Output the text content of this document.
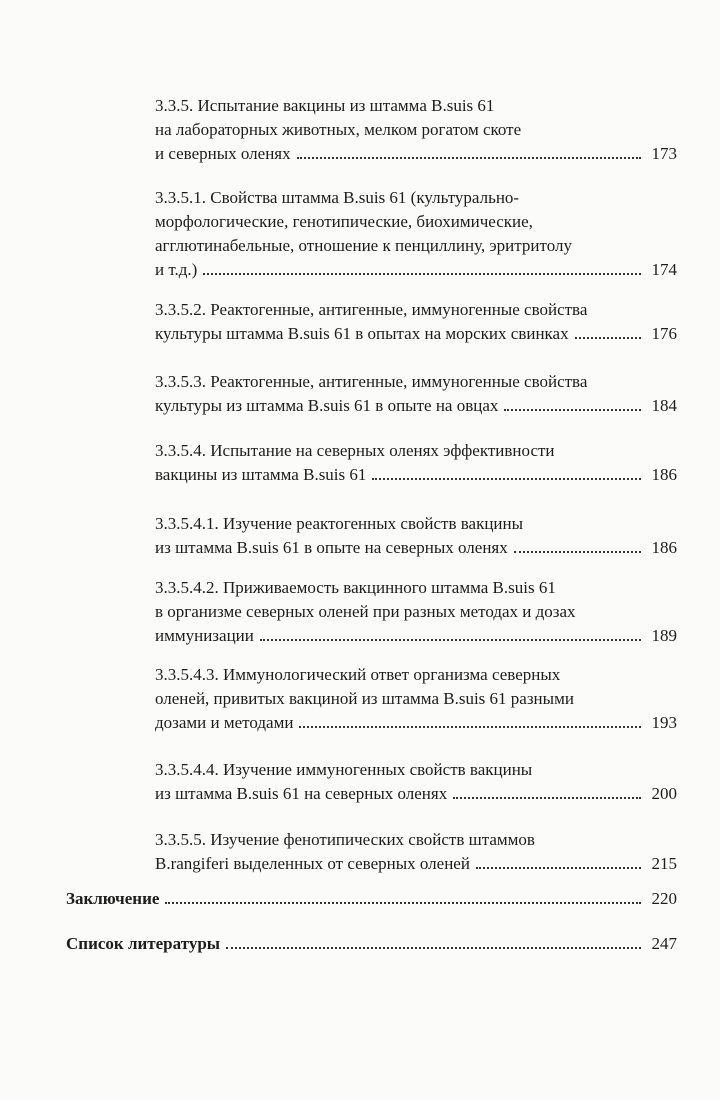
3.3.5. Испытание вакцины из штамма B.suis 61
на лабораторных животных, мелком рогатом скоте
и северных оленях	173
3.3.5.1. Свойства штамма B.suis 61 (культурально-
морфологические, генотипические, биохимические,
агглютинабельные, отношение к пенциллину, эритритолу
и т.д.)	174
3.3.5.2. Реактогенные, антигенные, иммуногенные свойства
культуры штамма B.suis 61 в опытах на морских свинках	176
3.3.5.3. Реактогенные, антигенные, иммуногенные свойства
культуры из штамма B.suis 61 в опыте на овцах	184
3.3.5.4. Испытание на северных оленях эффективности
вакцины из штамма B.suis 61	186
3.3.5.4.1. Изучение реактогенных свойств вакцины
из штамма B.suis 61 в опыте на северных оленях	186
3.3.5.4.2. Приживаемость вакцинного штамма B.suis 61
в организме северных оленей при разных методах и дозах
иммунизации	189
3.3.5.4.3. Иммунологический ответ организма северных
оленей, привитых вакциной из штамма B.suis 61 разными
дозами и методами	193
3.3.5.4.4. Изучение иммуногенных свойств вакцины
из штамма B.suis 61 на северных оленях	200
3.3.5.5. Изучение фенотипических свойств штаммов
B.rangiferi выделенных от северных оленей	215
Заключение	220
Список литературы	247
